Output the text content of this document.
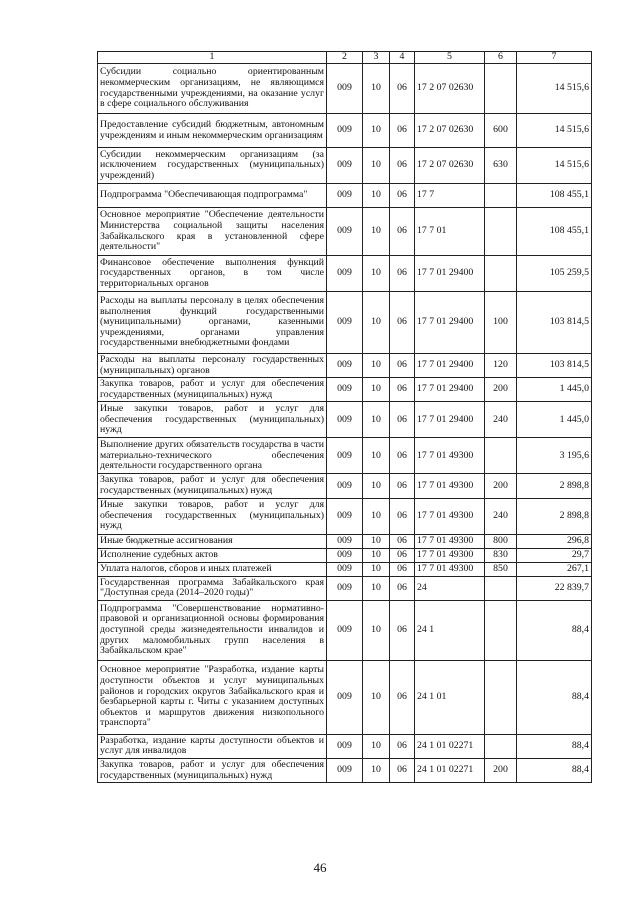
1	2	3	4	5	6	7
Субсидии социально ориентированным некоммерческим организациям, не являющимся государственными учреждениями, на оказание услуг в сфере социального обслуживания	009	10	06	17 2 07 02630		14 515,6
Предоставление субсидий бюджетным, автономным учреждениям и иным некоммерческим организациям	009	10	06	17 2 07 02630	600	14 515,6
Субсидии некоммерческим организациям (за исключением государственных (муниципальных) учреждений)	009	10	06	17 2 07 02630	630	14 515,6
Подпрограмма "Обеспечивающая подпрограмма"	009	10	06	17 7		108 455,1
Основное мероприятие "Обеспечение деятельности Министерства социальной защиты населения Забайкальского края в установленной сфере деятельности"	009	10	06	17 7 01		108 455,1
Финансовое обеспечение выполнения функций государственных органов, в том числе территориальных органов	009	10	06	17 7 01 29400		105 259,5
Расходы на выплаты персоналу в целях обеспечения выполнения функций государственными (муниципальными) органами, казенными учреждениями, органами управления государственными внебюджетными фондами	009	10	06	17 7 01 29400	100	103 814,5
Расходы на выплаты персоналу государственных (муниципальных) органов	009	10	06	17 7 01 29400	120	103 814,5
Закупка товаров, работ и услуг для обеспечения государственных (муниципальных) нужд	009	10	06	17 7 01 29400	200	1 445,0
Иные закупки товаров, работ и услуг для обеспечения государственных (муниципальных) нужд	009	10	06	17 7 01 29400	240	1 445,0
Выполнение других обязательств государства в части материально-технического обеспечения деятельности государственного органа	009	10	06	17 7 01 49300		3 195,6
Закупка товаров, работ и услуг для обеспечения государственных (муниципальных) нужд	009	10	06	17 7 01 49300	200	2 898,8
Иные закупки товаров, работ и услуг для обеспечения государственных (муниципальных) нужд	009	10	06	17 7 01 49300	240	2 898,8
Иные бюджетные ассигнования	009	10	06	17 7 01 49300	800	296,8
Исполнение судебных актов	009	10	06	17 7 01 49300	830	29,7
Уплата налогов, сборов и иных платежей	009	10	06	17 7 01 49300	850	267,1
Государственная программа Забайкальского края "Доступная среда (2014–2020 годы)"	009	10	06	24		22 839,7
Подпрограмма "Совершенствование нормативно-правовой и организационной основы формирования доступной среды жизнедеятельности инвалидов и других маломобильных групп населения в Забайкальском крае"	009	10	06	24 1		88,4
Основное мероприятие "Разработка, издание карты доступности объектов и услуг муниципальных районов и городских округов Забайкальского края и безбарьерной карты г. Читы с указанием доступных объектов и маршрутов движения низкопольного транспорта"	009	10	06	24 1 01		88,4
Разработка, издание карты доступности объектов и услуг для инвалидов	009	10	06	24 1 01 02271		88,4
Закупка товаров, работ и услуг для обеспечения государственных (муниципальных) нужд	009	10	06	24 1 01 02271	200	88,4
46
